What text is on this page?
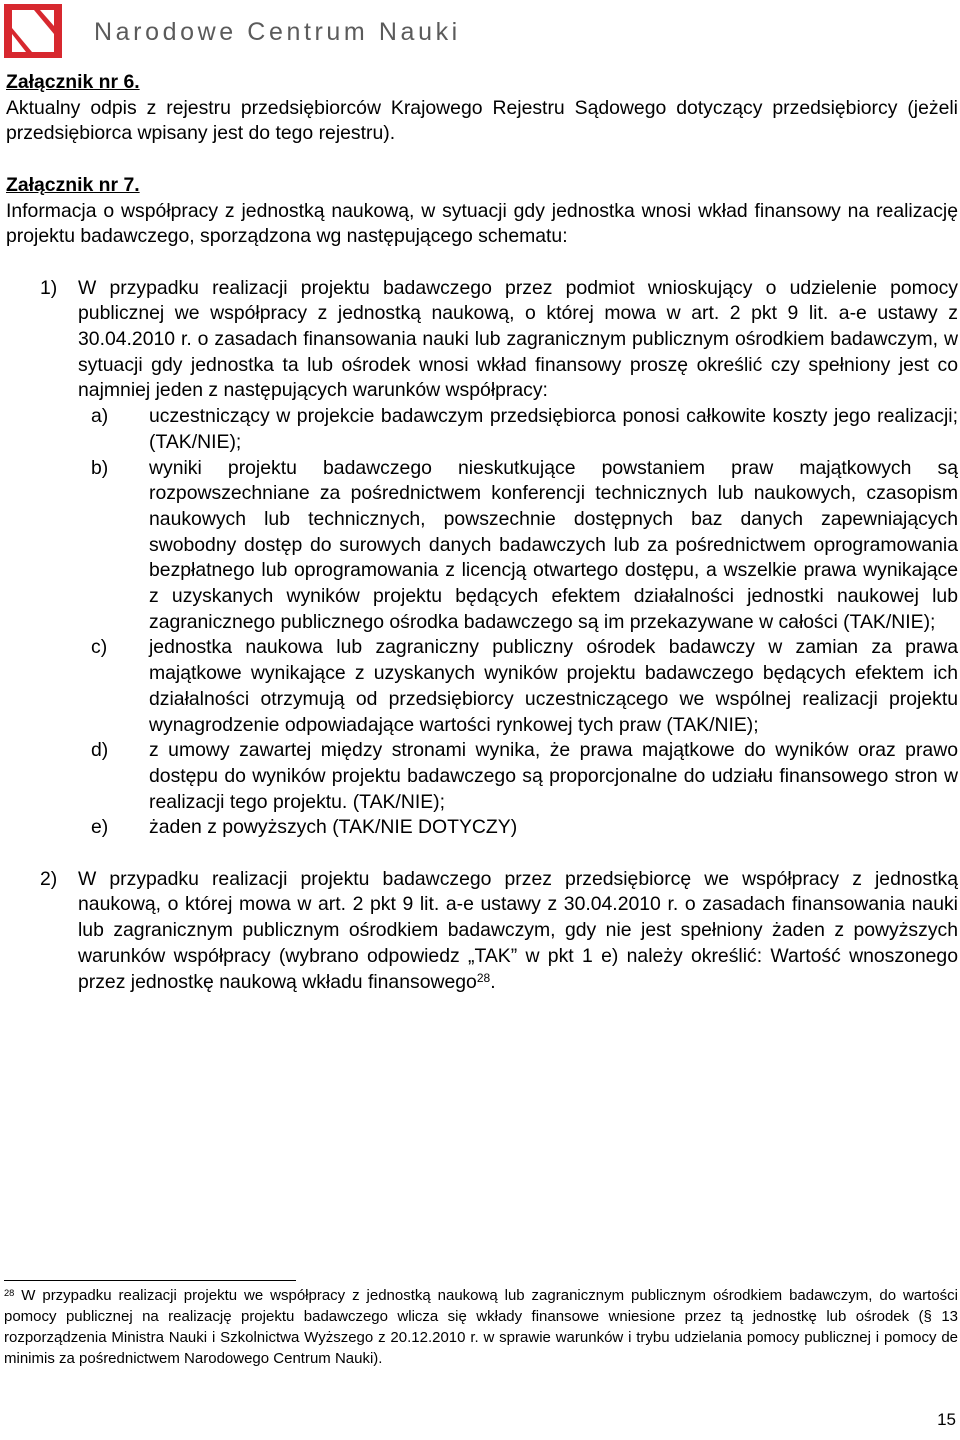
Narodowe Centrum Nauki

Załącznik nr 6.

Aktualny odpis z rejestru przedsiębiorców Krajowego Rejestru Sądowego dotyczący przedsiębiorcy (jeżeli przedsiębiorca wpisany jest do tego rejestru).

Załącznik nr 7.

Informacja o współpracy z jednostką naukową, w sytuacji gdy jednostka wnosi wkład finansowy na realizację projektu badawczego, sporządzona wg następującego schematu:

1) W przypadku realizacji projektu badawczego przez podmiot wnioskujący o udzielenie pomocy publicznej we współpracy z jednostką naukową, o której mowa w art. 2 pkt 9 lit. a-e ustawy z 30.04.2010 r. o zasadach finansowania nauki lub zagranicznym publicznym ośrodkiem badawczym, w sytuacji gdy jednostka ta lub ośrodek wnosi wkład finansowy proszę określić czy spełniony jest co najmniej jeden z następujących warunków współpracy:

a) uczestniczący w projekcie badawczym przedsiębiorca ponosi całkowite koszty jego realizacji; (TAK/NIE);

b) wyniki projektu badawczego nieskutkujące powstaniem praw majątkowych są rozpowszechniane za pośrednictwem konferencji technicznych lub naukowych, czasopism naukowych lub technicznych, powszechnie dostępnych baz danych zapewniających swobodny dostęp do surowych danych badawczych lub za pośrednictwem oprogramowania bezpłatnego lub oprogramowania z licencją otwartego dostępu, a wszelkie prawa wynikające z uzyskanych wyników projektu będących efektem działalności jednostki naukowej lub zagranicznego publicznego ośrodka badawczego są im przekazywane w całości (TAK/NIE);

c) jednostka naukowa lub zagraniczny publiczny ośrodek badawczy w zamian za prawa majątkowe wynikające z uzyskanych wyników projektu badawczego będących efektem ich działalności otrzymują od przedsiębiorcy uczestniczącego we wspólnej realizacji projektu wynagrodzenie odpowiadające wartości rynkowej tych praw (TAK/NIE);

d) z umowy zawartej między stronami wynika, że prawa majątkowe do wyników oraz prawo dostępu do wyników projektu badawczego są proporcjonalne do udziału finansowego stron w realizacji tego projektu. (TAK/NIE);

e) żaden z powyższych (TAK/NIE DOTYCZY)

2) W przypadku realizacji projektu badawczego przez przedsiębiorcę we współpracy z jednostką naukową, o której mowa w art. 2 pkt 9 lit. a-e ustawy z 30.04.2010 r. o zasadach finansowania nauki lub zagranicznym publicznym ośrodkiem badawczym, gdy nie jest spełniony żaden z powyższych warunków współpracy (wybrano odpowiedz „TAK” w pkt 1 e) należy określić: Wartość wnoszonego przez jednostkę naukową wkładu finansowego$^{28}$.

$^{28}$ W przypadku realizacji projektu we współpracy z jednostką naukową lub zagranicznym publicznym ośrodkiem badawczym, do wartości pomocy publicznej na realizację projektu badawczego wlicza się wkłady finansowe wniesione przez tą jednostkę lub ośrodek (§ 13 rozporządzenia Ministra Nauki i Szkolnictwa Wyższego z 20.12.2010 r. w sprawie warunków i trybu udzielania pomocy publicznej i pomocy de minimis za pośrednictwem Narodowego Centrum Nauki).
15
